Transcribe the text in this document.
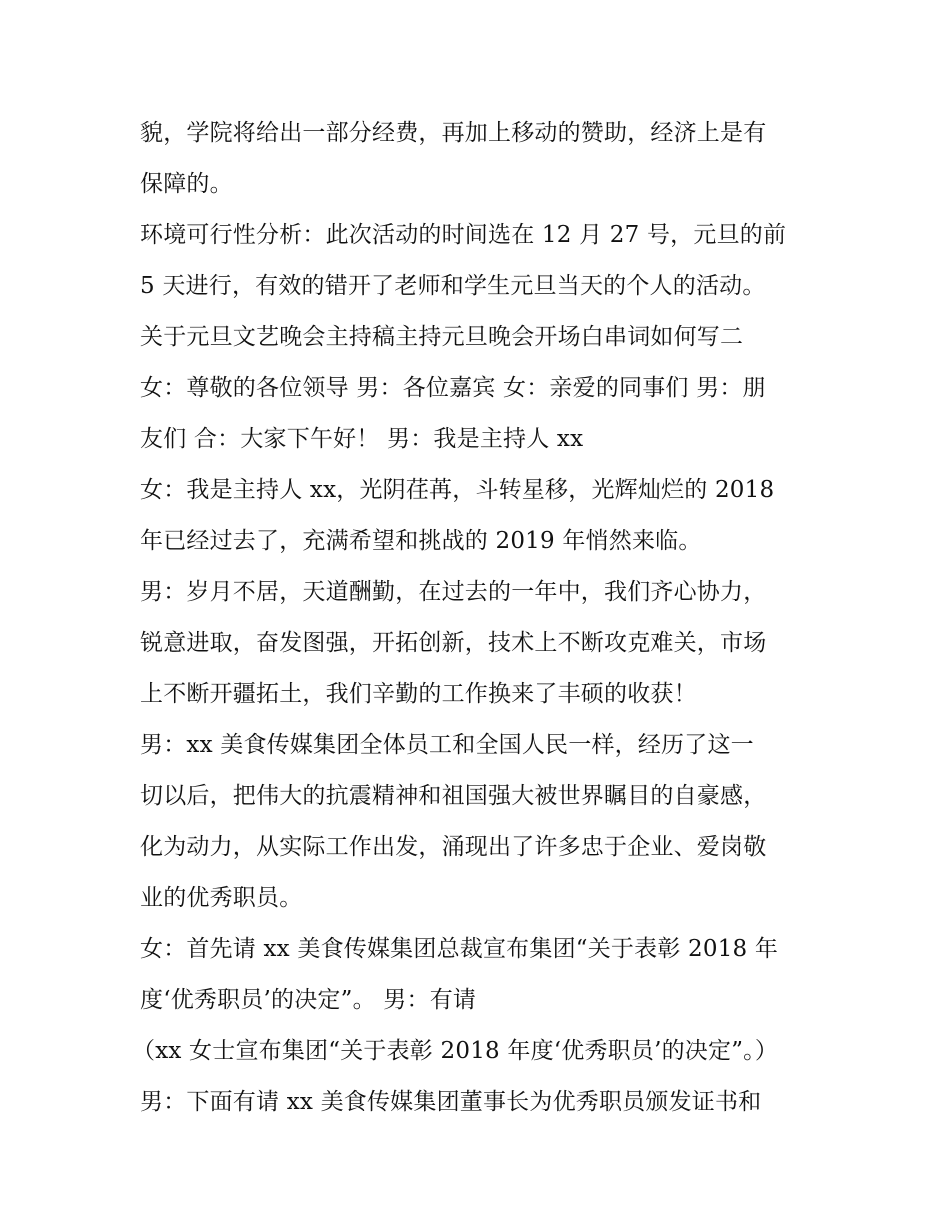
貌，学院将给出一部分经费，再加上移动的赞助，经济上是有
保障的。
环境可行性分析：此次活动的时间选在 12 月 27 号，元旦的前
5 天进行，有效的错开了老师和学生元旦当天的个人的活动。
关于元旦文艺晚会主持稿主持元旦晚会开场白串词如何写二
女：尊敬的各位领导 男：各位嘉宾 女：亲爱的同事们 男：朋
友们 合：大家下午好！ 男：我是主持人 xx
女：我是主持人 xx，光阴荏苒，斗转星移，光辉灿烂的 2018
年已经过去了，充满希望和挑战的 2019 年悄然来临。
男：岁月不居，天道酬勤，在过去的一年中，我们齐心协力，
锐意进取，奋发图强，开拓创新，技术上不断攻克难关，市场
上不断开疆拓土，我们辛勤的工作换来了丰硕的收获！
男：xx 美食传媒集团全体员工和全国人民一样，经历了这一
切以后，把伟大的抗震精神和祖国强大被世界瞩目的自豪感，
化为动力，从实际工作出发，涌现出了许多忠于企业、爱岗敬
业的优秀职员。
女：首先请 xx 美食传媒集团总裁宣布集团“关于表彰 2018 年
度‘优秀职员’的决定”。 男：有请
（xx 女士宣布集团“关于表彰 2018 年度‘优秀职员’的决定”。）
男：下面有请 xx 美食传媒集团董事长为优秀职员颁发证书和
